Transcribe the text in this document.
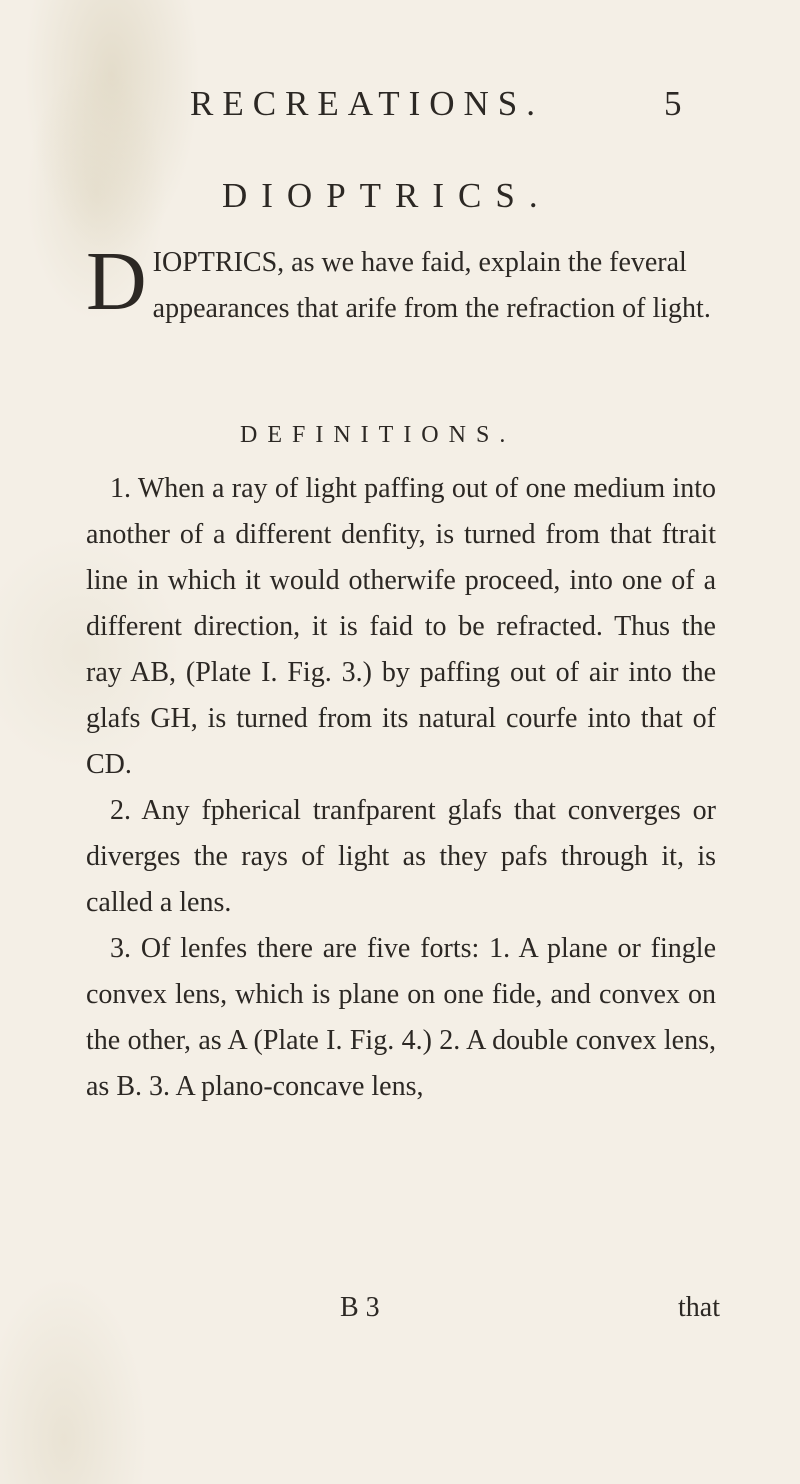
RECREATIONS.	5
DIOPTRICS.
D IOPTRICS, as we have faid, explain the feveral appearances that arife from the refraction of light.
DEFINITIONS.

1. When a ray of light paffing out of one medium into another of a different denfity, is turned from that ftrait line in which it would otherwife proceed, into one of a different direction, it is faid to be refracted. Thus the ray AB, (Plate I. Fig. 3.) by paffing out of air into the glafs GH, is turned from its natural courfe into that of CD.

2. Any fpherical tranfparent glafs that converges or diverges the rays of light as they pafs through it, is called a lens.

3. Of lenfes there are five forts: 1. A plane or fingle convex lens, which is plane on one fide, and convex on the other, as A (Plate I. Fig. 4.) 2. A double convex lens, as B. 3. A plano-concave lens,

B 3	that
